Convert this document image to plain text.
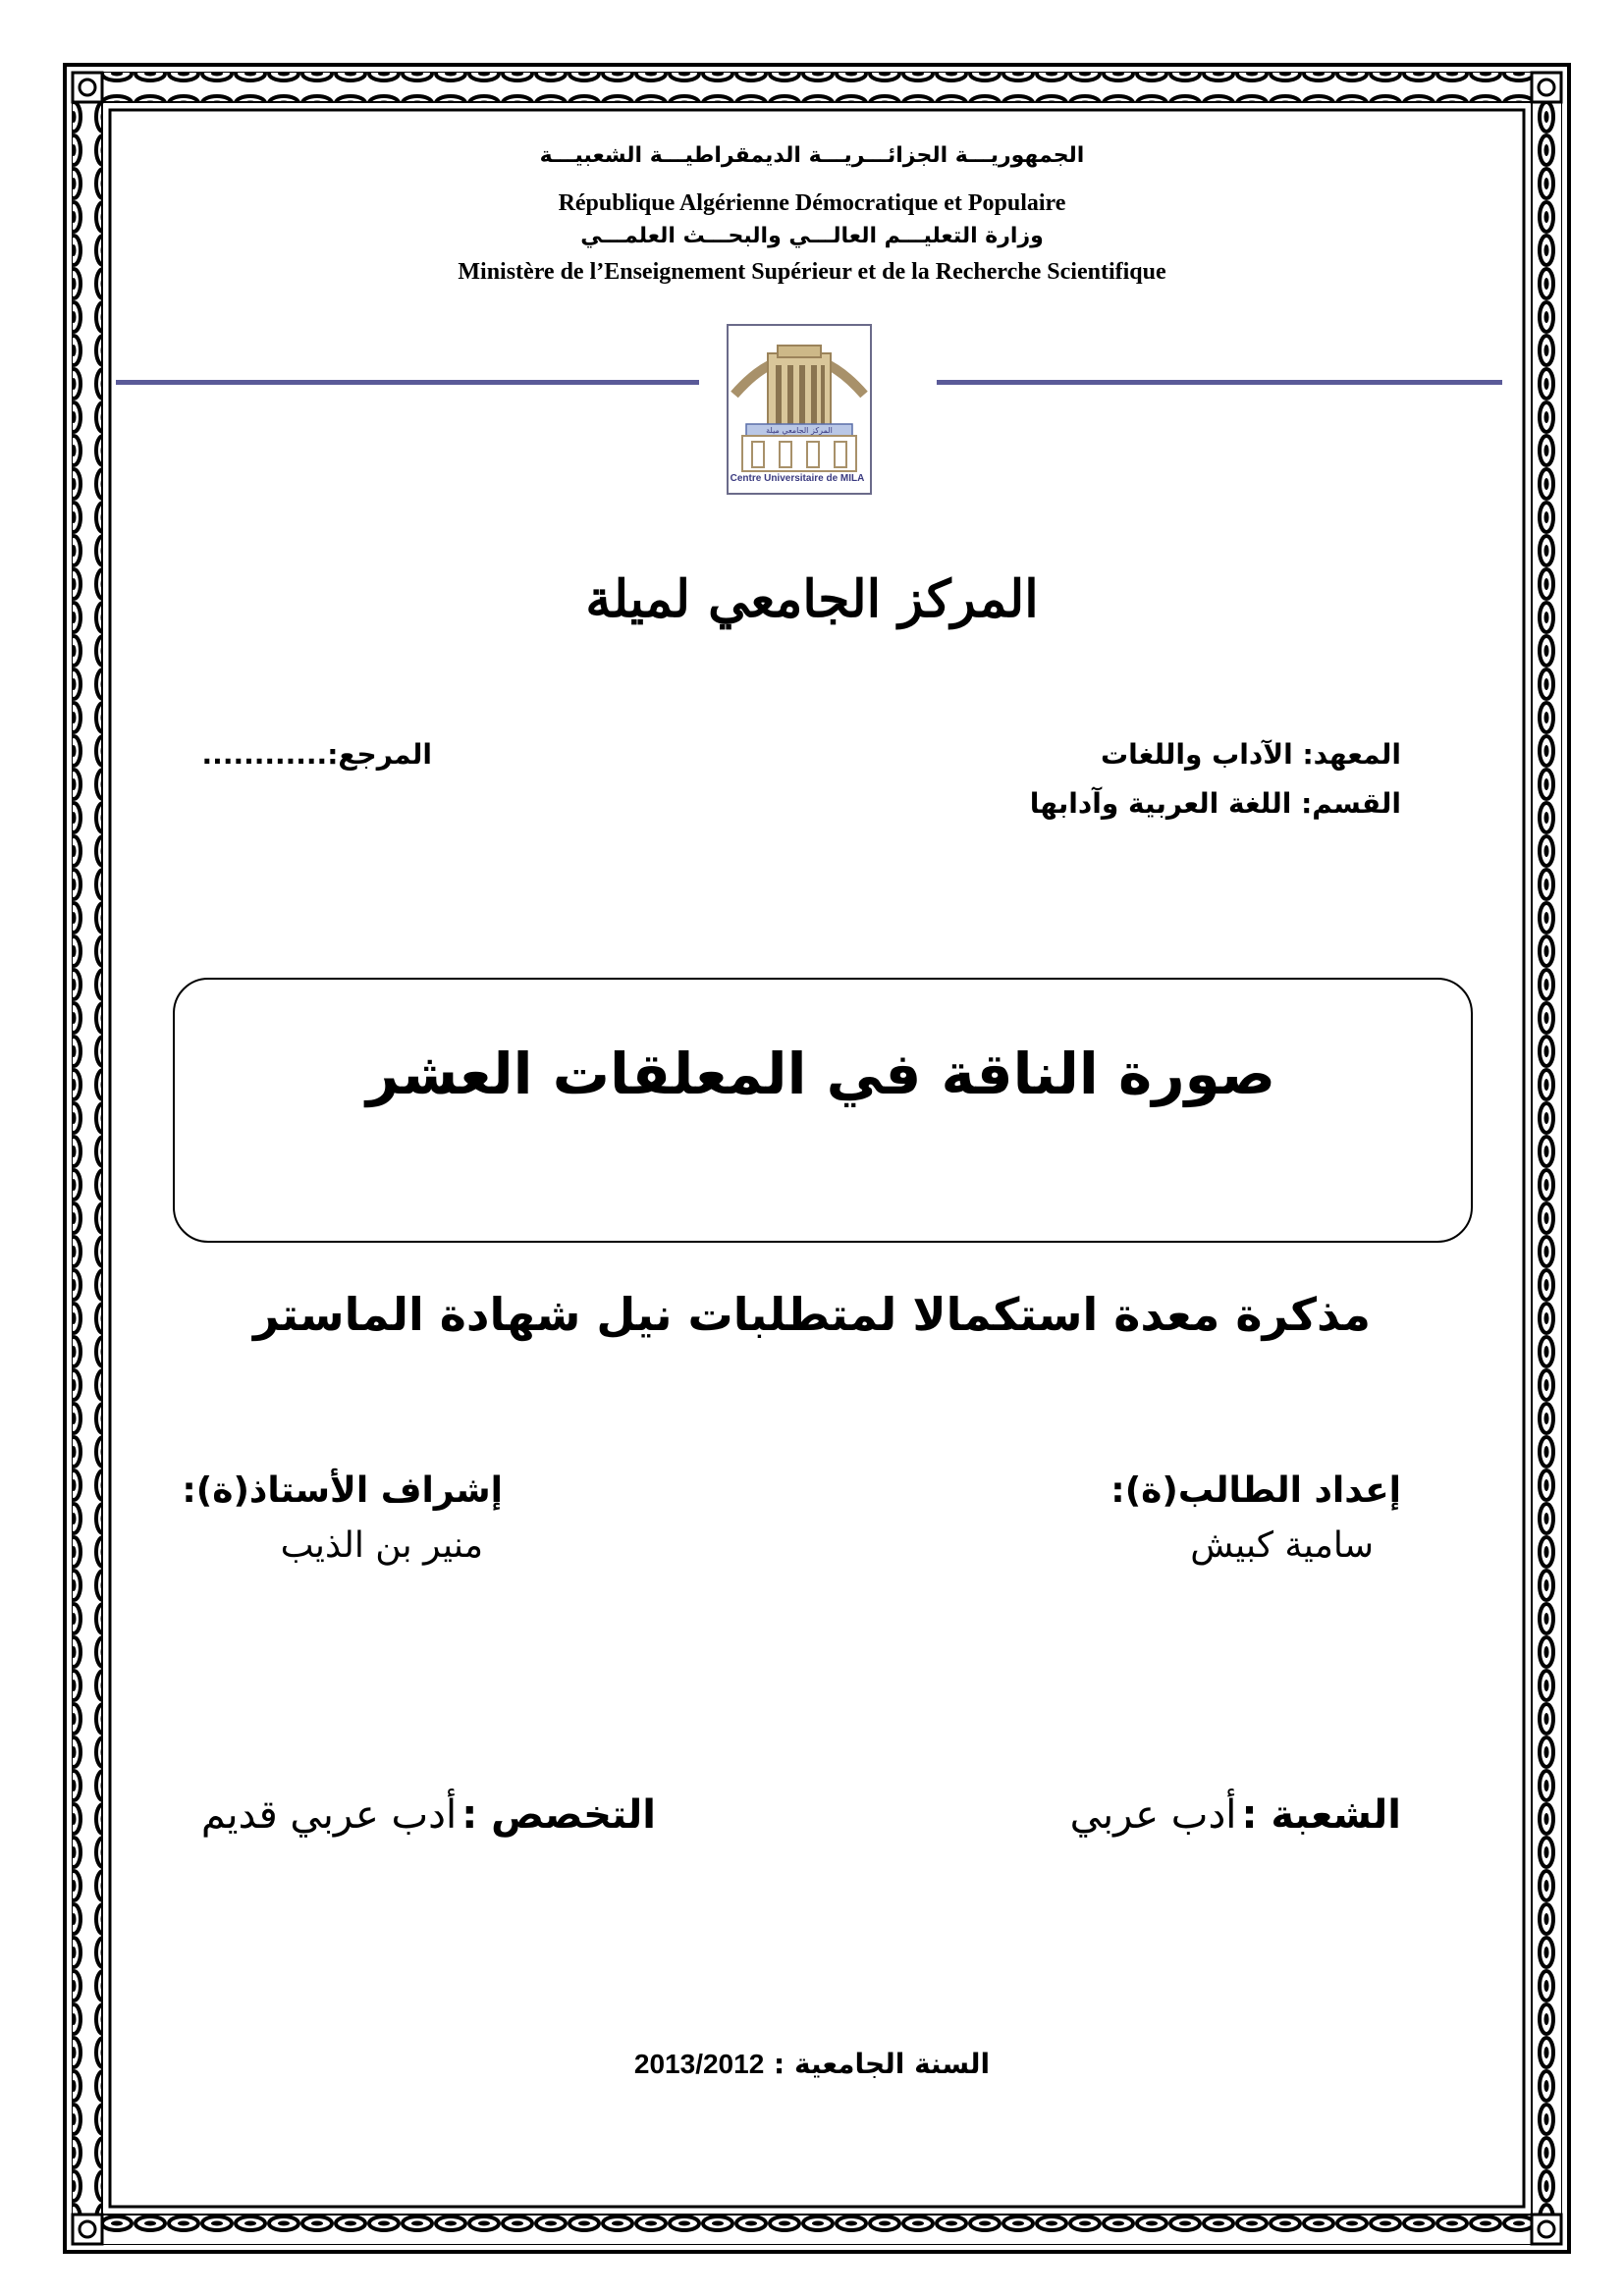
الجمهوريـــة الجزائـــريـــة الديمقراطيـــة الشعبيـــة
République Algérienne Démocratique et Populaire
وزارة التعليـــم العالـــي والبحـــث العلمـــي
Ministère de l’Enseignement Supérieur et de la Recherche Scientifique
المركز الجامعي ميلة
Centre Universitaire de MILA
المركز الجامعي لميلة
المعهد: الآداب واللغات
القسم: اللغة العربية وآدابها
المرجع:............
صورة الناقة في المعلقات العشر
مذكرة معدة استكمالا لمتطلبات نيل شهادة الماستر
إعداد الطالب(ة):
سامية كبيش
إشراف الأستاذ(ة):
منير بن الذيب
الشعبة : أدب عربي
التخصص : أدب عربي قديم
السنة الجامعية : 2013/2012
